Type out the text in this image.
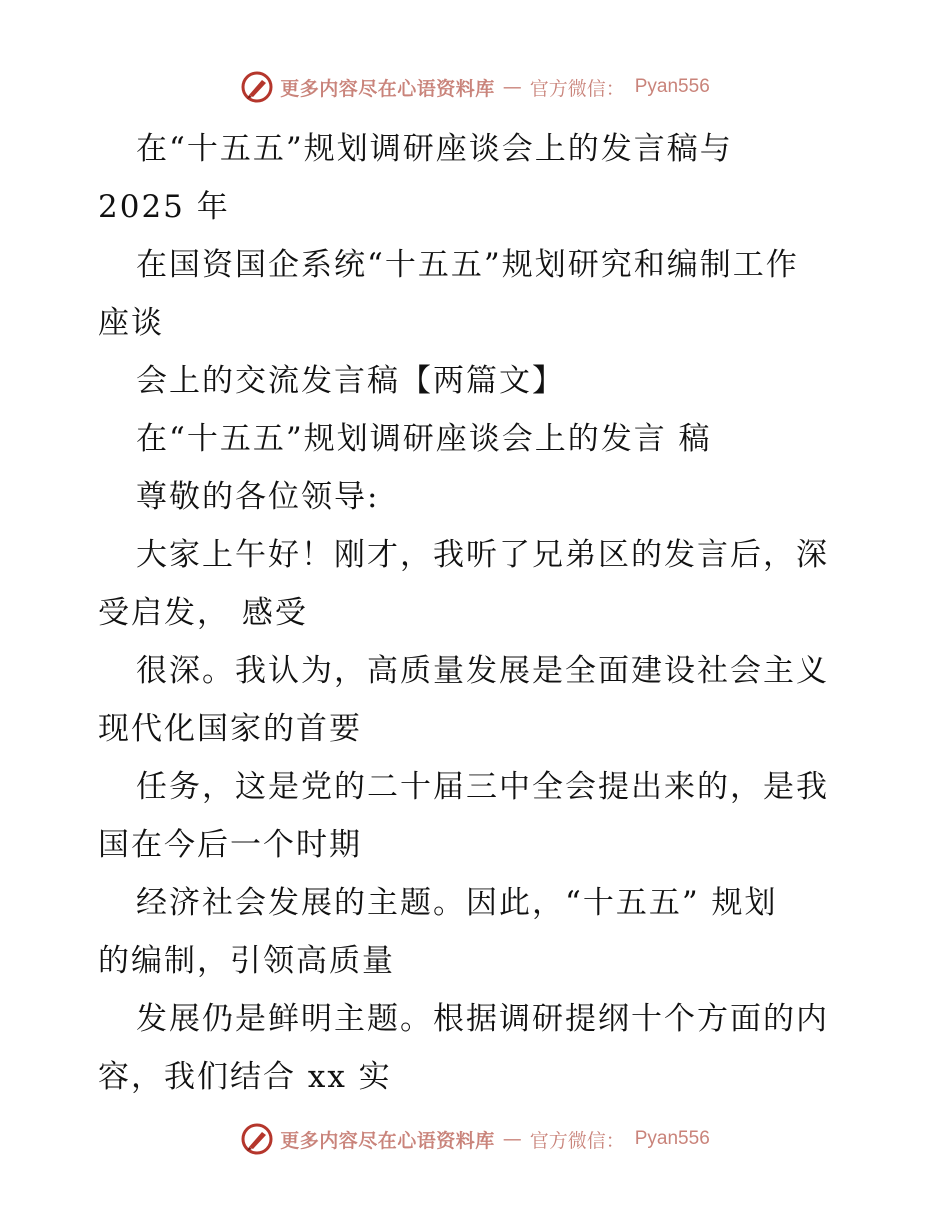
更多内容尽在心语资料库 — 官方微信： Pyan556
在“十五五”规划调研座谈会上的发言稿与
2025 年
在国资国企系统“十五五”规划研究和编制工作
座谈
会上的交流发言稿【两篇文】
在“十五五”规划调研座谈会上的发言 稿
尊敬的各位领导:
大家上午好！刚才，我听了兄弟区的发言后，深
受启发， 感受
很深。我认为，高质量发展是全面建设社会主义
现代化国家的首要
任务，这是党的二十届三中全会提出来的，是我
国在今后一个时期
经济社会发展的主题。因此，“十五五” 规划
的编制，引领高质量
发展仍是鲜明主题。根据调研提纲十个方面的内
容，我们结合 xx 实
更多内容尽在心语资料库 — 官方微信： Pyan556
